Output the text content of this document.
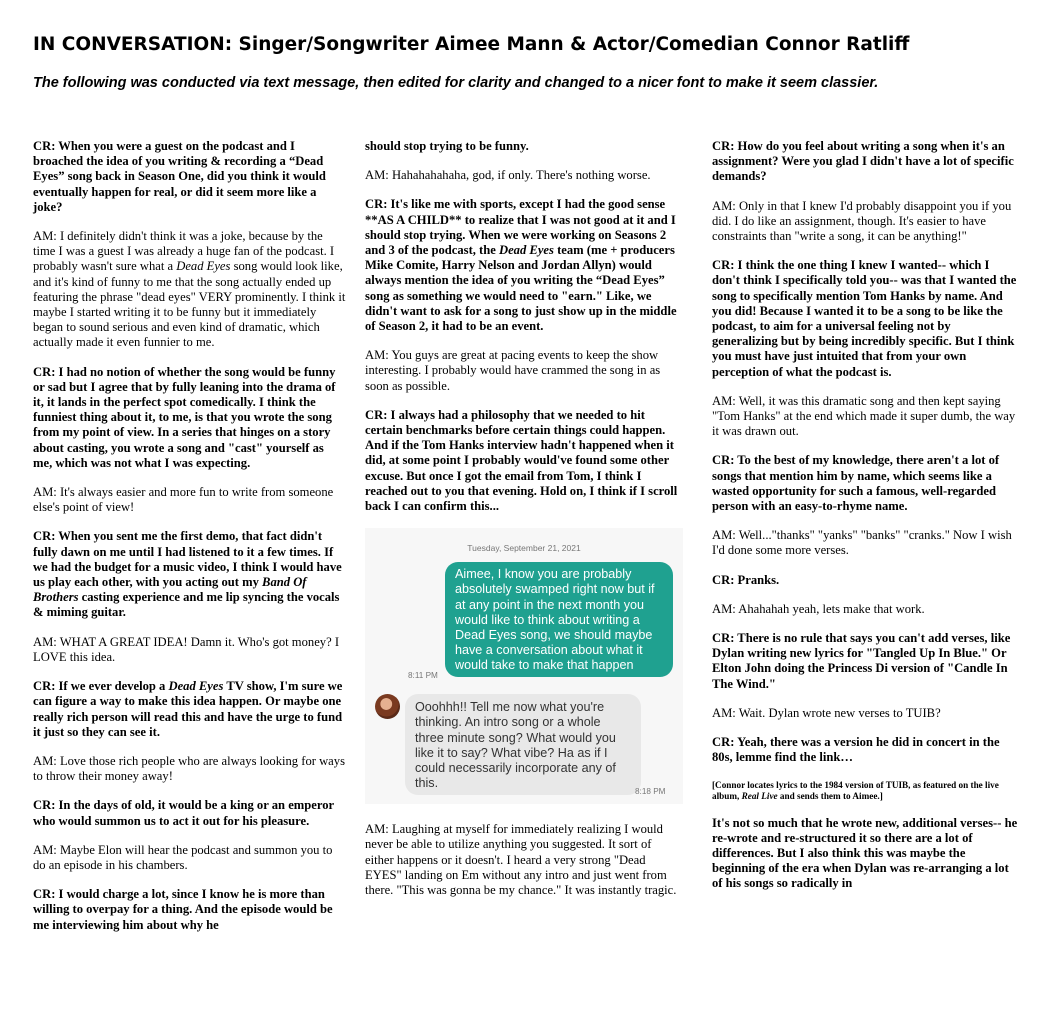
IN CONVERSATION: Singer/Songwriter Aimee Mann & Actor/Comedian Connor Ratliff
The following was conducted via text message, then edited for clarity and changed to a nicer font to make it seem classier.

CR: When you were a guest on the podcast and I broached the idea of you writing & recording a “Dead Eyes” song back in Season One, did you think it would eventually happen for real, or did it seem more like a joke?

AM: I definitely didn't think it was a joke, because by the time I was a guest I was already a huge fan of the podcast. I probably wasn't sure what a Dead Eyes song would look like, and it's kind of funny to me that the song actually ended up featuring the phrase "dead eyes" VERY prominently. I think it maybe I started writing it to be funny but it immediately began to sound serious and even kind of dramatic, which actually made it even funnier to me.

CR: I had no notion of whether the song would be funny or sad but I agree that by fully leaning into the drama of it, it lands in the perfect spot comedically. I think the funniest thing about it, to me, is that you wrote the song from my point of view. In a series that hinges on a story about casting, you wrote a song and "cast" yourself as me, which was not what I was expecting.

AM: It's always easier and more fun to write from someone else's point of view!

CR: When you sent me the first demo, that fact didn't fully dawn on me until I had listened to it a few times. If we had the budget for a music video, I think I would have us play each other, with you acting out my Band Of Brothers casting experience and me lip syncing the vocals & miming guitar.

AM: WHAT A GREAT IDEA! Damn it. Who's got money? I LOVE this idea.

CR: If we ever develop a Dead Eyes TV show, I'm sure we can figure a way to make this idea happen. Or maybe one really rich person will read this and have the urge to fund it just so they can see it.

AM: Love those rich people who are always looking for ways to throw their money away!

CR: In the days of old, it would be a king or an emperor who would summon us to act it out for his pleasure.

AM: Maybe Elon will hear the podcast and summon you to do an episode in his chambers.

CR: I would charge a lot, since I know he is more than willing to overpay for a thing. And the episode would be me interviewing him about why he

should stop trying to be funny.

AM: Hahahahahaha, god, if only. There's nothing worse.

CR: It's like me with sports, except I had the good sense **AS A CHILD** to realize that I was not good at it and I should stop trying. When we were working on Seasons 2 and 3 of the podcast, the Dead Eyes team (me + producers Mike Comite, Harry Nelson and Jordan Allyn) would always mention the idea of you writing the “Dead Eyes” song as something we would need to "earn." Like, we didn't want to ask for a song to just show up in the middle of Season 2, it had to be an event.

AM: You guys are great at pacing events to keep the show interesting. I probably would have crammed the song in as soon as possible.

CR: I always had a philosophy that we needed to hit certain benchmarks before certain things could happen. And if the Tom Hanks interview hadn't happened when it did, at some point I probably would've found some other excuse. But once I got the email from Tom, I think I reached out to you that evening. Hold on, I think if I scroll back I can confirm this...

Tuesday, September 21, 2021
Aimee, I know you are probably absolutely swamped right now but if at any point in the next month you would like to think about writing a Dead Eyes song, we should maybe have a conversation about what it would take to make that happen
8:11 PM
Ooohhh!! Tell me now what you're thinking. An intro song or a whole three minute song? What would you like it to say? What vibe? Ha as if I could necessarily incorporate any of this.
8:18 PM

AM: Laughing at myself for immediately realizing I would never be able to utilize anything you suggested. It sort of either happens or it doesn't. I heard a very strong "Dead EYES" landing on Em without any intro and just went from there. "This was gonna be my chance." It was instantly tragic.

CR: How do you feel about writing a song when it's an assignment? Were you glad I didn't have a lot of specific demands?

AM: Only in that I knew I'd probably disappoint you if you did. I do like an assignment, though. It's easier to have constraints than "write a song, it can be anything!"

CR: I think the one thing I knew I wanted-- which I don't think I specifically told you-- was that I wanted the song to specifically mention Tom Hanks by name. And you did! Because I wanted it to be a song to be like the podcast, to aim for a universal feeling not by generalizing but by being incredibly specific. But I think you must have just intuited that from your own perception of what the podcast is.

AM: Well, it was this dramatic song and then kept saying "Tom Hanks" at the end which made it super dumb, the way it was drawn out.

CR: To the best of my knowledge, there aren't a lot of songs that mention him by name, which seems like a wasted opportunity for such a famous, well-regarded person with an easy-to-rhyme name.

AM: Well..."thanks" "yanks" "banks" "cranks." Now I wish I'd done some more verses.

CR: Pranks.

AM: Ahahahah yeah, lets make that work.

CR: There is no rule that says you can't add verses, like Dylan writing new lyrics for "Tangled Up In Blue." Or Elton John doing the Princess Di version of "Candle In The Wind."

AM: Wait. Dylan wrote new verses to TUIB?

CR: Yeah, there was a version he did in concert in the 80s, lemme find the link…

[Connor locates lyrics to the 1984 version of TUIB, as featured on the live album, Real Live and sends them to Aimee.]

It's not so much that he wrote new, additional verses-- he re-wrote and re-structured it so there are a lot of differences. But I also think this was maybe the beginning of the era when Dylan was re-arranging a lot of his songs so radically in
